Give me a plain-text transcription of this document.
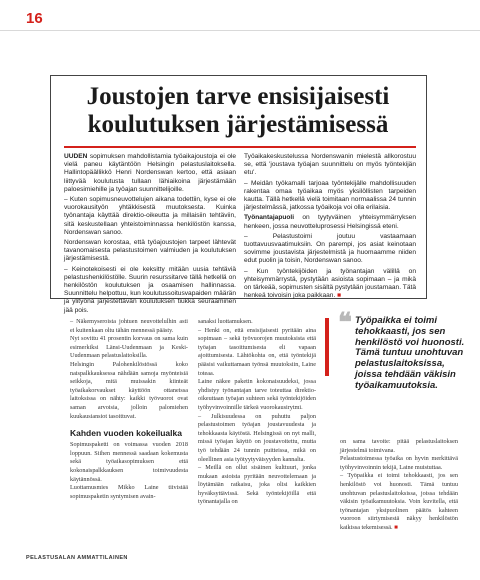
16
Joustojen tarve ensisijaisesti koulutuksen järjestämisessä

UUDEN sopimuksen mahdollistamia työaikajoustoja ei ole vielä paneu käytäntöön Helsingin pelastuslaitoksella. Hallintopäällikkö Henri Nordenswan kertoo, että asiaan liittyvää koulutusta tullaan lähiaikoina järjestämään paloesimiehille ja työajan suunnittelijoille.

– Kuten sopimusneuvottelujen aikana todettiin, kyse ei ole vuorokausityön yhtäkkisestä muutoksesta. Kuinka työnantaja käyttää direktio-oikeutta ja millaisiin tehtäviin, sitä keskustellaan yhteistoiminnassa henkilöstön kanssa, Nordenswan sanoo.

Nordenswan korostaa, että työajoustojen tarpeet lähtevät tavanomaisesta pelastustoimen valmiuden ja koulutuksen järjestämisestä.

– Keinotekoisesti ei ole keksitty mitään uusia tehtäviä pelastushenkilöstölle. Suurin resurssitarve tällä hetkellä on henkilöstön koulutuksen ja osaamisen hallinnassa. Suunnittelu helpottuu, kun koulutussoitusvapaiden määrän ja ylityönä järjestettävän koulutuksen tiukka seuraaminen jää pois.

Työaikakeskustelussa Nordenswanin mielestä allkorostuu se, että 'joustava työajan suunnittelu on myös työntekijän etu'.

– Meidän työkamalli tarjoaa työntekijälle mahdollisuuden rakentaa omaa työaikaa myös yksilöllisten tarpeiden kautta. Tällä hetkellä vielä toimitaan normaalissa 24 tunnin järjestelmässä, jatkossa työaikoja voi olla erilaisia.

Työnantajapuoli on tyytyväinen yhteisymmärryksen henkeen, jossa neuvotteluprosessi Helsingissä eteni.

– Pelastustoimi joutuu vastaamaan tuottavuusvaatimuksiin. On parempi, jos asiat keinotaan sovimme joustavista järjestelmistä ja huomaamme niiden edut puolin ja toisin, Nordenswan sanoo.

– Kun työntekijöiden ja työnantajan välillä on yhteisymmärrystä, pystytään asioista sopimaan – ja mikä on tärkeää, sopimusten sisältä pystytään joustamaan. Tätä henkeä toivoisin joka paikkaan. ■

– Näkemyseroista johtuen neuvottelulhin asti ei kuitenkaan oltu tähän mennessä päästy.

Nyt sovittu 41 prosentin korvaus on sama kuin esimerkiksi Länsi-Uudenmaan ja Keski-Uudenmaan pelastuslaitoksilla.

Helsingin Palohenkilöstössä koko naispalkkauksessa nähdään samoja myönteisiä seikkoja, mitä muissakin kiinteät työaikakorvaukset käyttöön ottaneissa laitoksissa on nähty: kaikki työvuorot ovat saman arvoisia, jolloin palomiehen kuukausiansiot tasoittuvat.

Kahden vuoden kokeilualka

Sopimuspaketti on voimassa vuoden 2018 loppuun. Siihen mennessä saadaan kokemusta sekä työaikasopimuksen että kokonaispalkkauksen toimivuudesta käytännössä.

Luottamusmies Mikko Laine tiivistää sopimuspaketin syntymisen avain-

sanaksi luottamuksen.

– Henki on, että ensisijaisesti pyritään aina sopimaan – sekä työvuorojen muutoksista että työajan tasoittumisesta eli vapaan ajoittumisesta. Lähtökohta on, että työntekijä pääsisi vaikuttamaan työnsä muutoksiin, Laine toteaa.

Laine näkee paketin kokonaisuudeksi, jossa yhdistyy työnantajan tarve toteuttaa direktio-oikeuttaan työajan suhteen sekä työntekijöiden työhyvinvoinnille tärkeä vuorokausirytmi.

– Julkisuudessa on puhuttu paljon pelastustoimen työajan joustavuudesta ja tehokkaasta käytöstä. Helsingissä on nyt malli, missä työajan käyttö on joustavoitettu, mutta työ tehdään 24 tunnin puitteissa, mikä on oleellinen asia työtyytyväisyyden kannalta.

– Meillä on ollut sisäinen kulttuuri, jonka mukaan asioista pyritään neuvottelemaan ja löytämään ratkaisu, joka olisi kaikkien hyväksyttävissä. Sekä työntekijöillä että työnantajalla on

❝ Työpaikka ei toimi tehokkaasti, jos sen henkilöstö voi huonosti. Tämä tuntuu unohtuvan pelastuslaitoksissa, joissa tehdään väkisin työaikamuutoksia.

on sama tavoite: pitää pelastuslaitoksen järjestelmä toimivana.

Pelastustoimessa työaika on hyvin merkittävä työhyvinvoinnin tekijä, Laine muistuttaa.

– Työpaikka ei toimi tehokkaasti, jos sen henkilöstö voi huonosti. Tämä tuntuu unohtuvan pelastuslaitoksissa, joissa tehdään väkisin työaikamuutoksia. Voin kuvitella, että työnantajan yksipuolinen päätös kahteen vuoroon siirtymisestä näkyy henkilöstön kaikissa tekemisessä. ■

PELASTUSALAN AMMATTILAINEN
